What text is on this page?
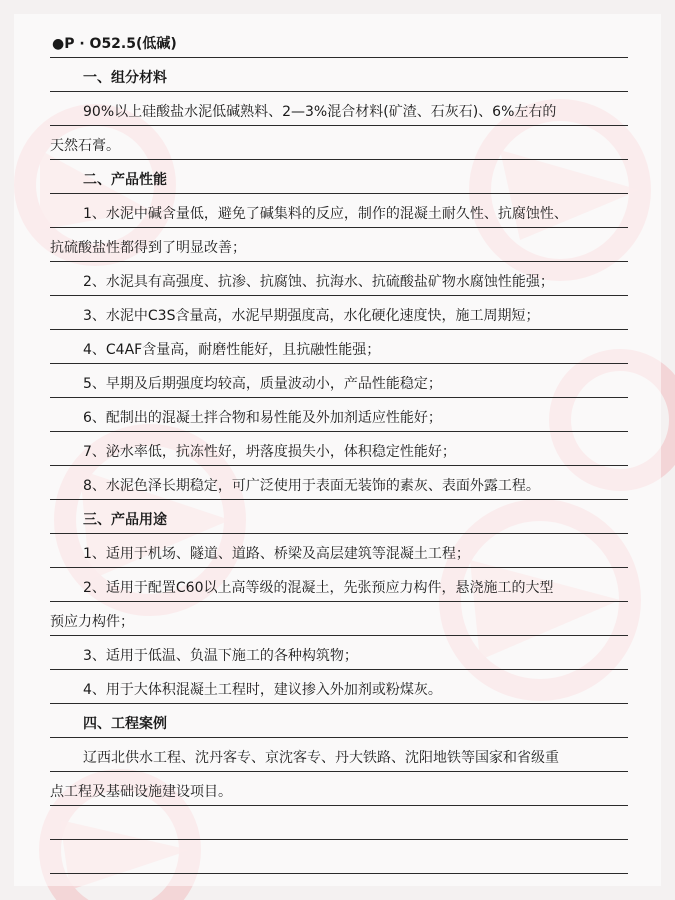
●P · O52.5(低碱)
一、组分材料
90%以上硅酸盐水泥低碱熟料、2—3%混合材料(矿渣、石灰石)、6%左右的
天然石膏。
二、产品性能
1、水泥中碱含量低，避免了碱集料的反应，制作的混凝土耐久性、抗腐蚀性、
抗硫酸盐性都得到了明显改善；
2、水泥具有高强度、抗渗、抗腐蚀、抗海水、抗硫酸盐矿物水腐蚀性能强；
3、水泥中C3S含量高，水泥早期强度高，水化硬化速度快，施工周期短；
4、C4AF含量高，耐磨性能好，且抗融性能强；
5、早期及后期强度均较高，质量波动小，产品性能稳定；
6、配制出的混凝土拌合物和易性能及外加剂适应性能好；
7、泌水率低，抗冻性好，坍落度损失小，体积稳定性能好；
8、水泥色泽长期稳定，可广泛使用于表面无装饰的素灰、表面外露工程。
三、产品用途
1、适用于机场、隧道、道路、桥梁及高层建筑等混凝土工程；
2、适用于配置C60以上高等级的混凝土，先张预应力构件，悬浇施工的大型
预应力构件；
3、适用于低温、负温下施工的各种构筑物；
4、用于大体积混凝土工程时，建议掺入外加剂或粉煤灰。
四、工程案例
辽西北供水工程、沈丹客专、京沈客专、丹大铁路、沈阳地铁等国家和省级重
点工程及基础设施建设项目。
